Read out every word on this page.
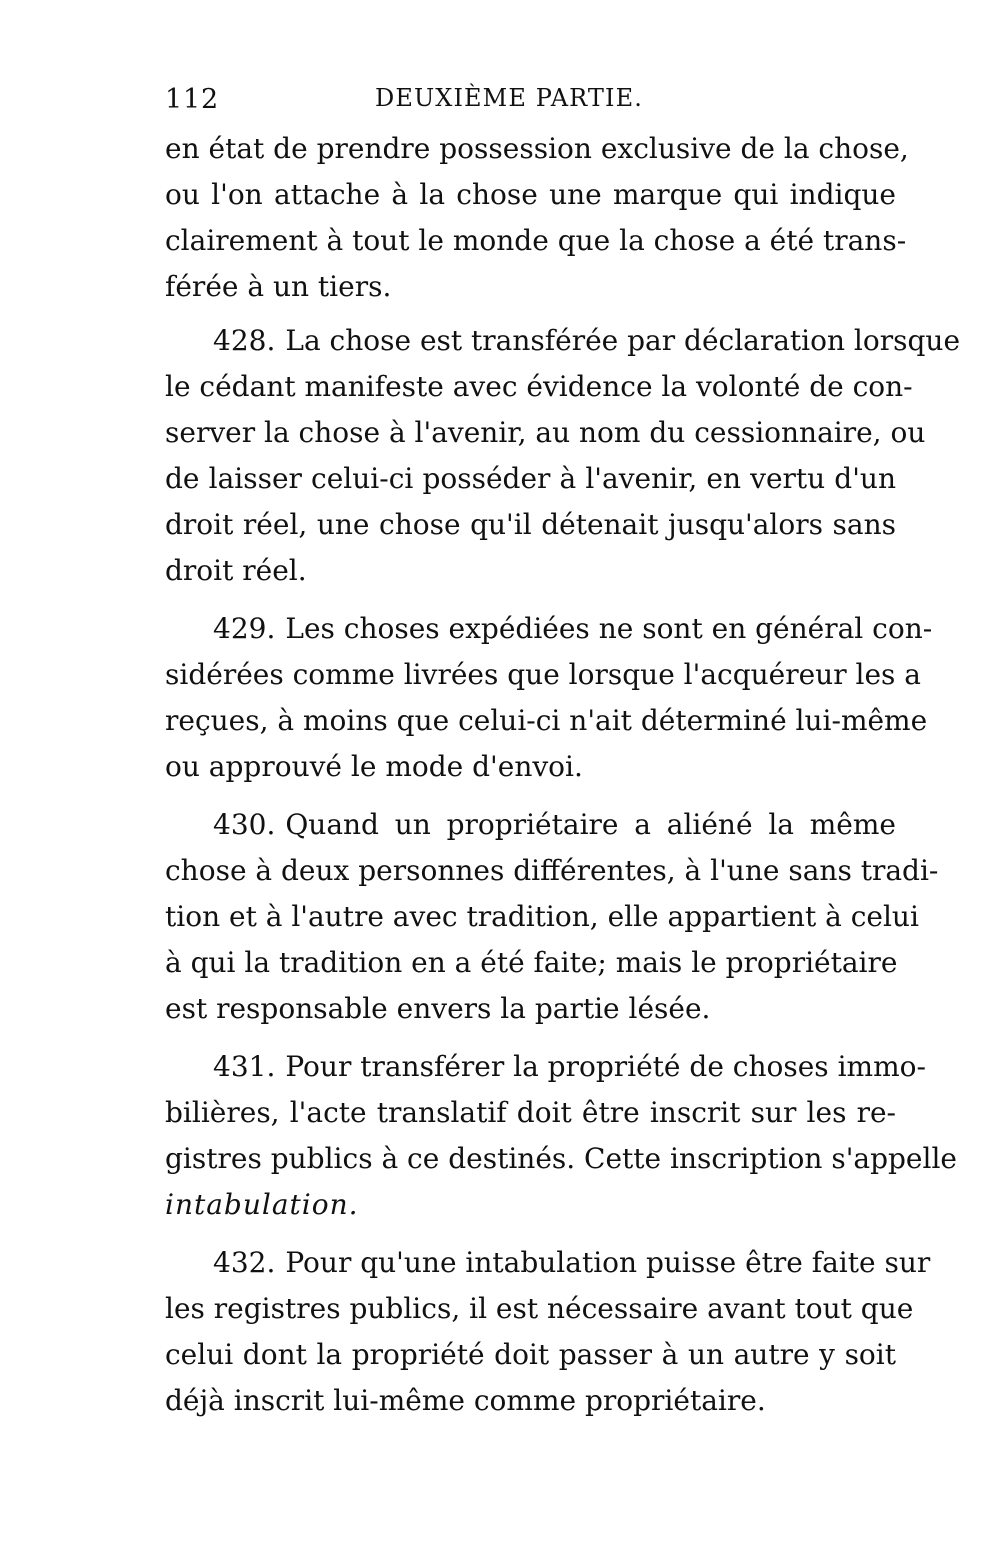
112	DEUXIÈME PARTIE.
en état de prendre possession exclusive de la chose,
ou l'on attache à la chose une marque qui indique
clairement à tout le monde que la chose a été trans-
férée à un tiers.
428. La chose est transférée par déclaration lorsque
le cédant manifeste avec évidence la volonté de con-
server la chose à l'avenir, au nom du cessionnaire, ou
de laisser celui-ci posséder à l'avenir, en vertu d'un
droit réel, une chose qu'il détenait jusqu'alors sans
droit réel.
429. Les choses expédiées ne sont en général con-
sidérées comme livrées que lorsque l'acquéreur les a
reçues, à moins que celui-ci n'ait déterminé lui-même
ou approuvé le mode d'envoi.
430. Quand un propriétaire a aliéné la même
chose à deux personnes différentes, à l'une sans tradi-
tion et à l'autre avec tradition, elle appartient à celui
à qui la tradition en a été faite; mais le propriétaire
est responsable envers la partie lésée.
431. Pour transférer la propriété de choses immo-
bilières, l'acte translatif doit être inscrit sur les re-
gistres publics à ce destinés. Cette inscription s'appelle
intabulation.
432. Pour qu'une intabulation puisse être faite sur
les registres publics, il est nécessaire avant tout que
celui dont la propriété doit passer à un autre y soit
déjà inscrit lui-même comme propriétaire.
